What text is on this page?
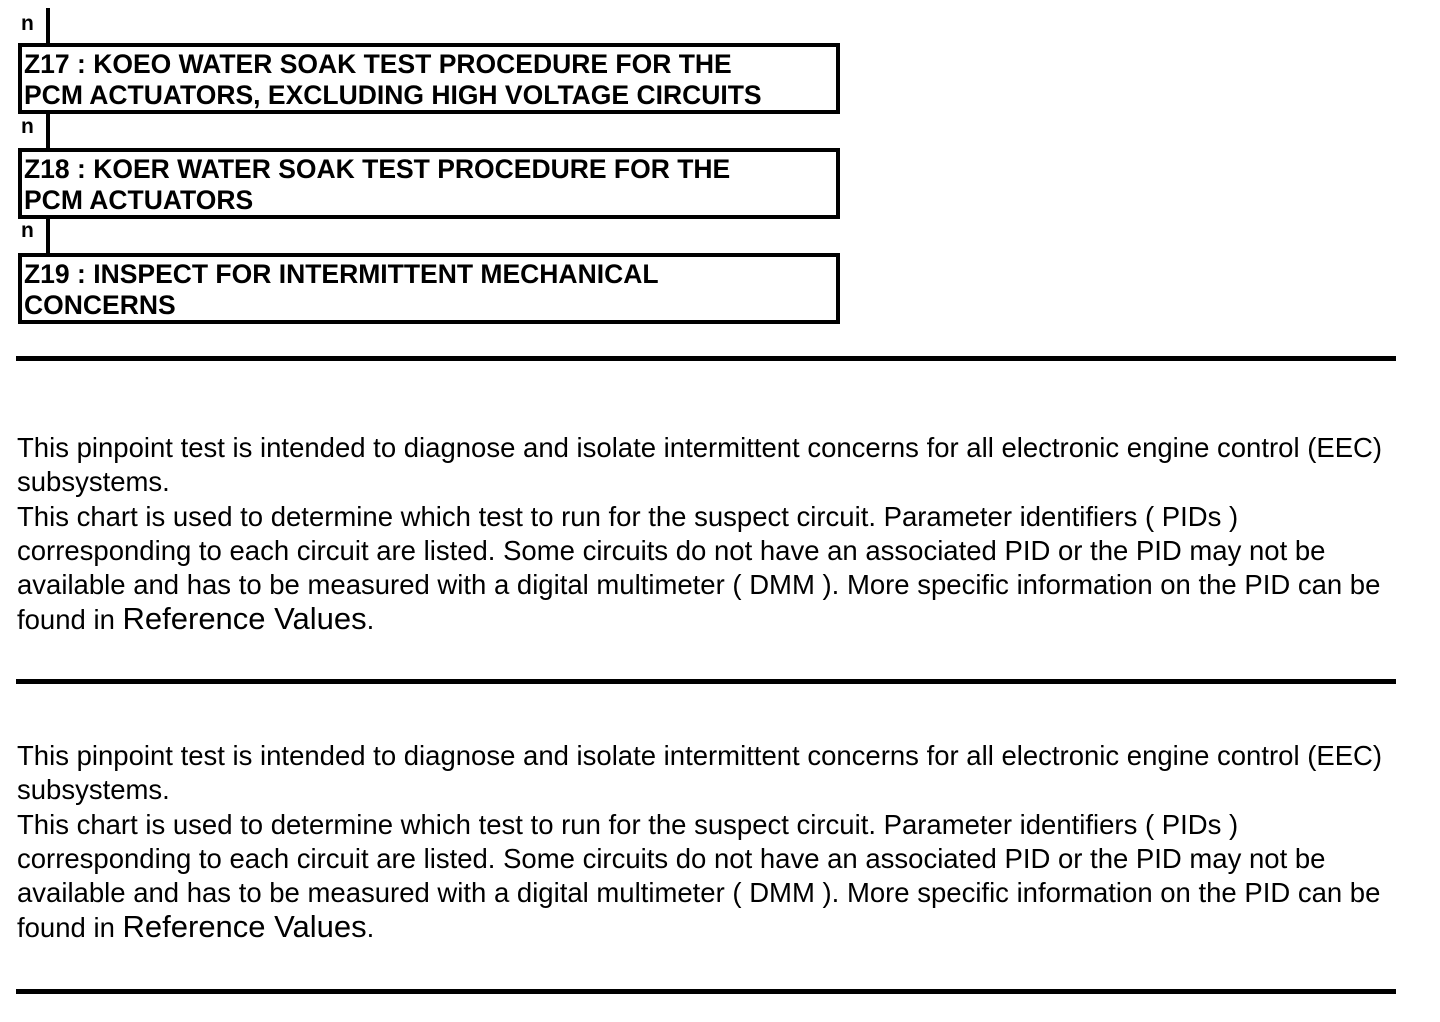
n
n
n
Z17 : KOEO WATER SOAK TEST PROCEDURE FOR THE
PCM ACTUATORS, EXCLUDING HIGH VOLTAGE CIRCUITS
Z18 : KOER WATER SOAK TEST PROCEDURE FOR THE
PCM ACTUATORS
Z19 : INSPECT FOR INTERMITTENT MECHANICAL
CONCERNS

This pinpoint test is intended to diagnose and isolate intermittent concerns for all electronic engine control (EEC) subsystems.

This chart is used to determine which test to run for the suspect circuit. Parameter identifiers ( PIDs ) corresponding to each circuit are listed. Some circuits do not have an associated PID or the PID may not be available and has to be measured with a digital multimeter ( DMM ). More specific information on the PID can be found in Reference Values.

This pinpoint test is intended to diagnose and isolate intermittent concerns for all electronic engine control (EEC) subsystems.

This chart is used to determine which test to run for the suspect circuit. Parameter identifiers ( PIDs ) corresponding to each circuit are listed. Some circuits do not have an associated PID or the PID may not be available and has to be measured with a digital multimeter ( DMM ). More specific information on the PID can be found in Reference Values.
